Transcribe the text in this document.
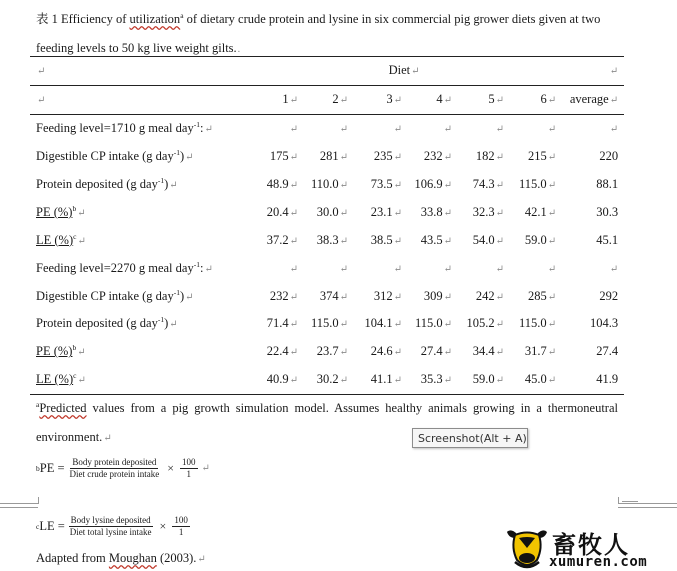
表 1 Efficiency of utilization$^a$ of dietary crude protein and lysine in six commercial pig grower diets given at two feeding levels to 50 kg live weight gilts..
↵	Diet↵						↵
↵	1↵	2↵	3↵	4↵	5↵	6↵	average↵
Feeding level=1710 g meal day$^{-1}$:↵	↵	↵	↵	↵	↵	↵	↵
Digestible CP intake (g day$^{-1}$)↵	175↵	281↵	235↵	232↵	182↵	215↵	220
Protein deposited (g day$^{-1}$)↵	48.9↵	110.0↵	73.5↵	106.9↵	74.3↵	115.0↵	88.1
PE (%)$^b$↵	20.4↵	30.0↵	23.1↵	33.8↵	32.3↵	42.1↵	30.3
LE (%)$^c$↵	37.2↵	38.3↵	38.5↵	43.5↵	54.0↵	59.0↵	45.1
Feeding level=2270 g meal day$^{-1}$:↵	↵	↵	↵	↵	↵	↵	↵
Digestible CP intake (g day$^{-1}$)↵	232↵	374↵	312↵	309↵	242↵	285↵	292
Protein deposited (g day$^{-1}$)↵	71.4↵	115.0↵	104.1↵	115.0↵	105.2↵	115.0↵	104.3
PE (%)$^b$↵	22.4↵	23.7↵	24.6↵	27.4↵	34.4↵	31.7↵	27.4
LE (%)$^c$↵	40.9↵	30.2↵	41.1↵	35.3↵	59.0↵	45.0↵	41.9
$^a$Predicted values from a pig growth simulation model. Assumes healthy animals growing in a thermoneutral environment.↵
b PE = $\frac{\text{Body protein deposited}}{\text{Diet crude protein intake}} \times \frac{100}{1}$ ↵
c LE = $\frac{\text{Body lysine deposited}}{\text{Diet total lysine intake}} \times \frac{100}{1}$
Adapted from Moughan (2003).↵
Screenshot(Alt + A)
畜牧人
xumuren.com
